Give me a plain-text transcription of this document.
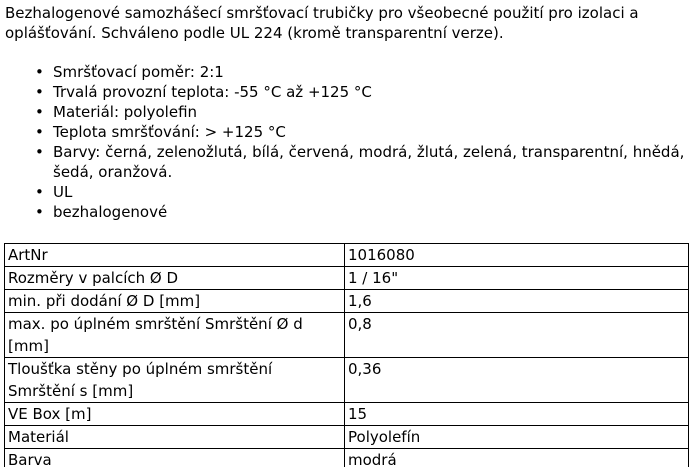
Bezhalogenové samozhášecí smršťovací trubičky pro všeobecné použití pro izolaci a oplášťování. Schváleno podle UL 224 (kromě transparentní verze).

• Smršťovací poměr: 2:1
• Trvalá provozní teplota: -55 °C až +125 °C
• Materiál: polyolefin
• Teplota smršťování: > +125 °C
• Barvy: černá, zelenožlutá, bílá, červená, modrá, žlutá, zelená, transparentní, hnědá, šedá, oranžová.
• UL
• bezhalogenové
ArtNr	1016080
Rozměry v palcích Ø D	1 / 16"
min. při dodání Ø D [mm]	1,6
max. po úplném smrštění Smrštění Ø d [mm]	0,8
Tloušťka stěny po úplném smrštění Smrštění s [mm]	0,36
VE Box [m]	15
Materiál	Polyolefín
Barva	modrá
